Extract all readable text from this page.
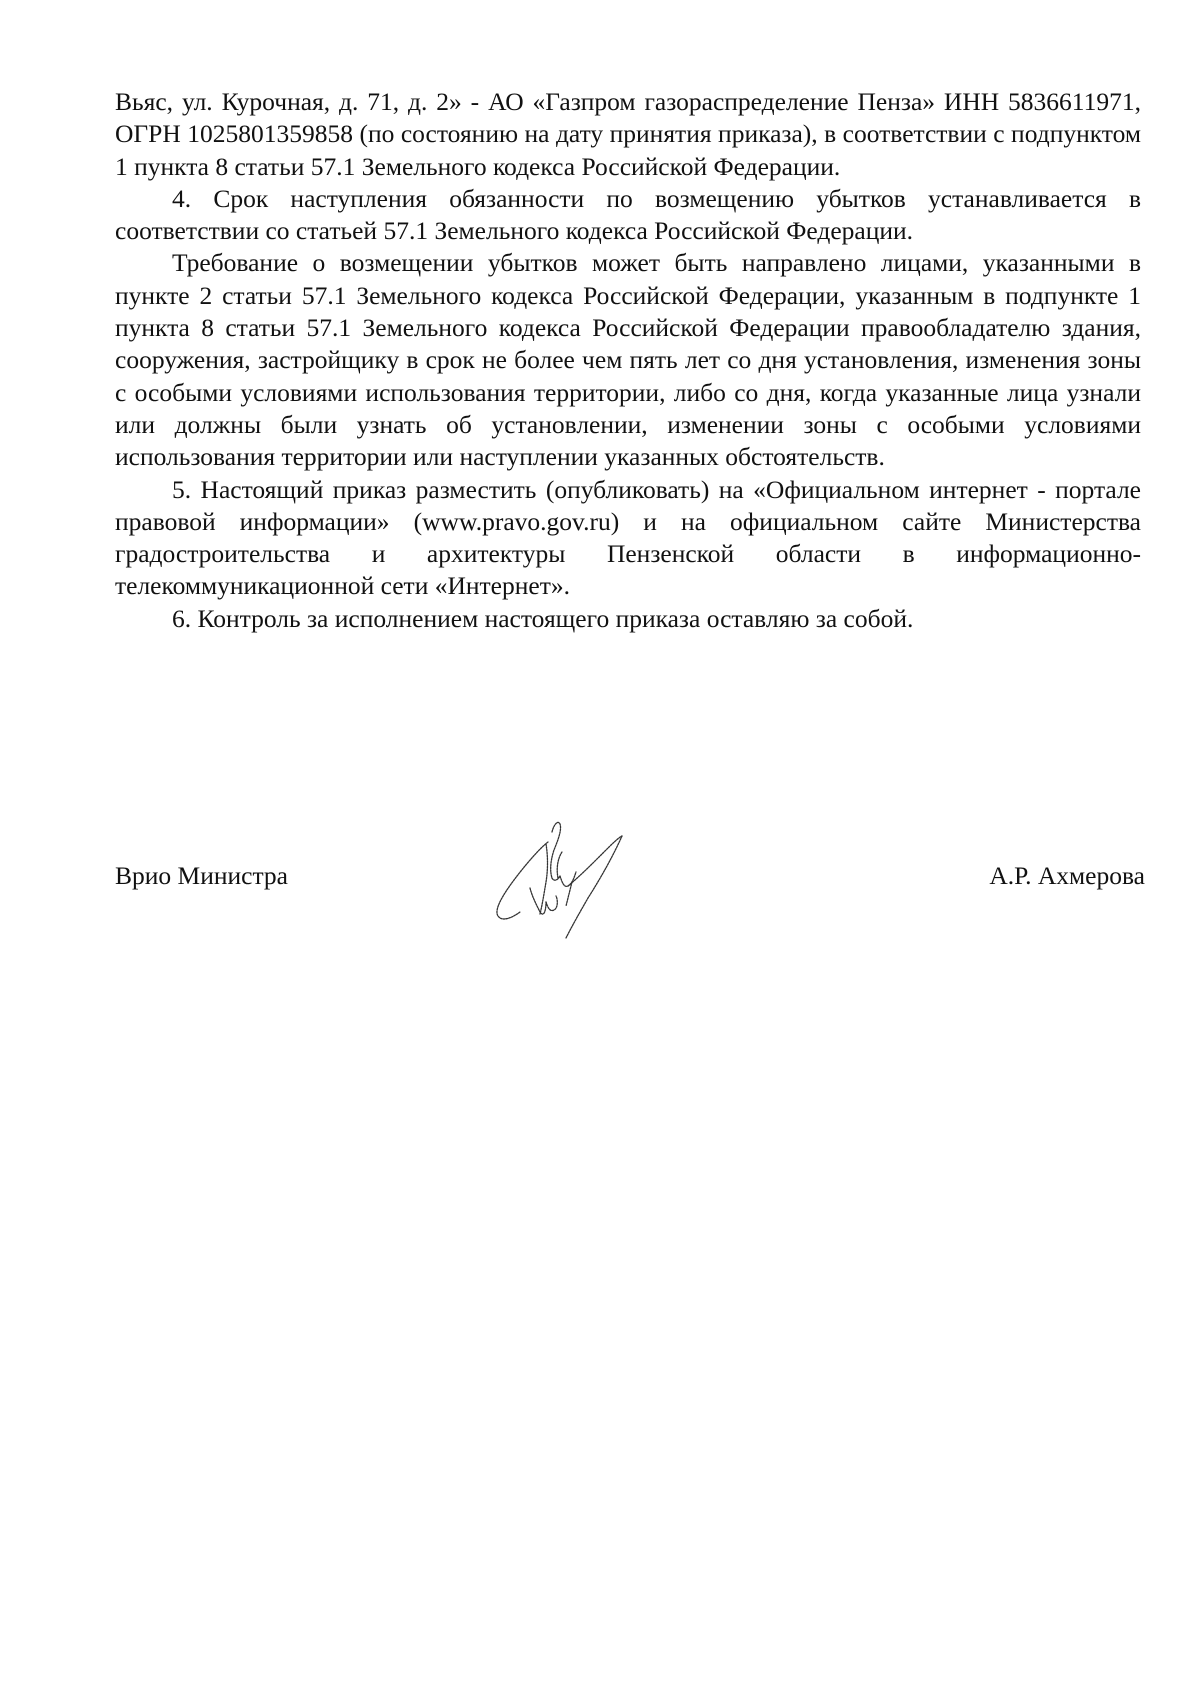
Вьяс, ул. Курочная, д. 71, д. 2» - АО «Газпром газораспределение Пенза» ИНН 5836611971, ОГРН 1025801359858 (по состоянию на дату принятия приказа), в соответствии с подпунктом 1 пункта 8 статьи 57.1 Земельного кодекса Российской Федерации.

4. Срок наступления обязанности по возмещению убытков устанавливается в соответствии со статьей 57.1 Земельного кодекса Российской Федерации.

Требование о возмещении убытков может быть направлено лицами, указанными в пункте 2 статьи 57.1 Земельного кодекса Российской Федерации, указанным в подпункте 1 пункта 8 статьи 57.1 Земельного кодекса Российской Федерации правообладателю здания, сооружения, застройщику в срок не более чем пять лет со дня установления, изменения зоны с особыми условиями использования территории, либо со дня, когда указанные лица узнали или должны были узнать об установлении, изменении зоны с особыми условиями использования территории или наступлении указанных обстоятельств.

5. Настоящий приказ разместить (опубликовать) на «Официальном интернет - портале правовой информации» (www.pravo.gov.ru) и на официальном сайте Министерства градостроительства и архитектуры Пензенской области в информационно-телекоммуникационной сети «Интернет».

6. Контроль за исполнением настоящего приказа оставляю за собой.

Врио Министра	А.Р. Ахмерова
